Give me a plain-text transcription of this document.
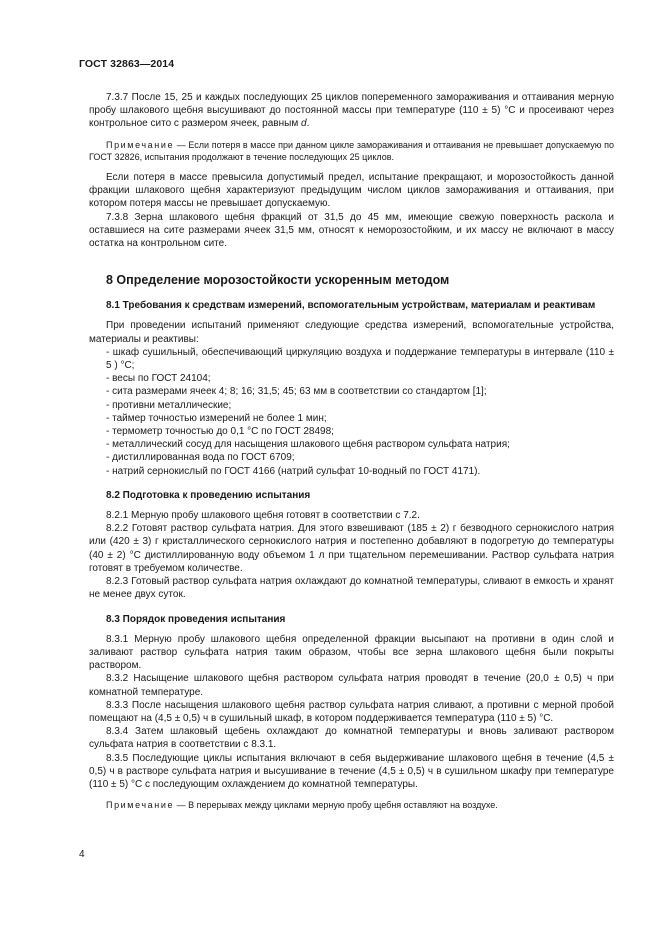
ГОСТ 32863—2014

7.3.7 После 15, 25 и каждых последующих 25 циклов попеременного замораживания и оттаивания мерную пробу шлакового щебня высушивают до постоянной массы при температуре (110 ± 5) °С и просеивают через контрольное сито с размером ячеек, равным d.

Примечание — Если потеря в массе при данном цикле замораживания и оттаивания не превышает допускаемую по ГОСТ 32826, испытания продолжают в течение последующих 25 циклов.

Если потеря в массе превысила допустимый предел, испытание прекращают, и морозостойкость данной фракции шлакового щебня характеризуют предыдущим числом циклов замораживания и оттаивания, при котором потеря массы не превышает допускаемую.

7.3.8 Зерна шлакового щебня фракций от 31,5 до 45 мм, имеющие свежую поверхность раскола и оставшиеся на сите размерами ячеек 31,5 мм, относят к неморозостойким, и их массу не включают в массу остатка на контрольном сите.

8 Определение морозостойкости ускоренным методом
8.1 Требования к средствам измерений, вспомогательным устройствам, материалам и реактивам

При проведении испытаний применяют следующие средства измерений, вспомогательные устройства, материалы и реактивы:

- шкаф сушильный, обеспечивающий циркуляцию воздуха и поддержание температуры в интервале (110 ± 5 ) °С;

- весы по ГОСТ 24104;

- сита размерами ячеек 4; 8; 16; 31,5; 45; 63 мм в соответствии со стандартом [1];

- противни металлические;

- таймер точностью измерений не более 1 мин;

- термометр точностью до 0,1 °С по ГОСТ 28498;

- металлический сосуд для насыщения шлакового щебня раствором сульфата натрия;

- дистиллированная вода по ГОСТ 6709;

- натрий сернокислый по ГОСТ 4166 (натрий сульфат 10-водный по ГОСТ 4171).

8.2 Подготовка к проведению испытания

8.2.1 Мерную пробу шлакового щебня готовят в соответствии с 7.2.

8.2.2 Готовят раствор сульфата натрия. Для этого взвешивают (185 ± 2) г безводного сернокислого натрия или (420 ± 3) г кристаллического сернокислого натрия и постепенно добавляют в подогретую до температуры (40 ± 2) °С дистиллированную воду объемом 1 л при тщательном перемешивании. Раствор сульфата натрия готовят в требуемом количестве.

8.2.3 Готовый раствор сульфата натрия охлаждают до комнатной температуры, сливают в емкость и хранят не менее двух суток.

8.3 Порядок проведения испытания

8.3.1 Мерную пробу шлакового щебня определенной фракции высыпают на противни в один слой и заливают раствор сульфата натрия таким образом, чтобы все зерна шлакового щебня были покрыты раствором.

8.3.2 Насыщение шлакового щебня раствором сульфата натрия проводят в течение (20,0 ± 0,5) ч при комнатной температуре.

8.3.3 После насыщения шлакового щебня раствор сульфата натрия сливают, а противни с мерной пробой помещают на (4,5 ± 0,5) ч в сушильный шкаф, в котором поддерживается температура (110 ± 5) °С.

8.3.4 Затем шлаковый щебень охлаждают до комнатной температуры и вновь заливают раствором сульфата натрия в соответствии с 8.3.1.

8.3.5 Последующие циклы испытания включают в себя выдерживание шлакового щебня в течение (4,5 ± 0,5) ч в растворе сульфата натрия и высушивание в течение (4,5 ± 0,5) ч в сушильном шкафу при температуре (110 ± 5) °С с последующим охлаждением до комнатной температуры.

Примечание — В перерывах между циклами мерную пробу щебня оставляют на воздухе.

4
